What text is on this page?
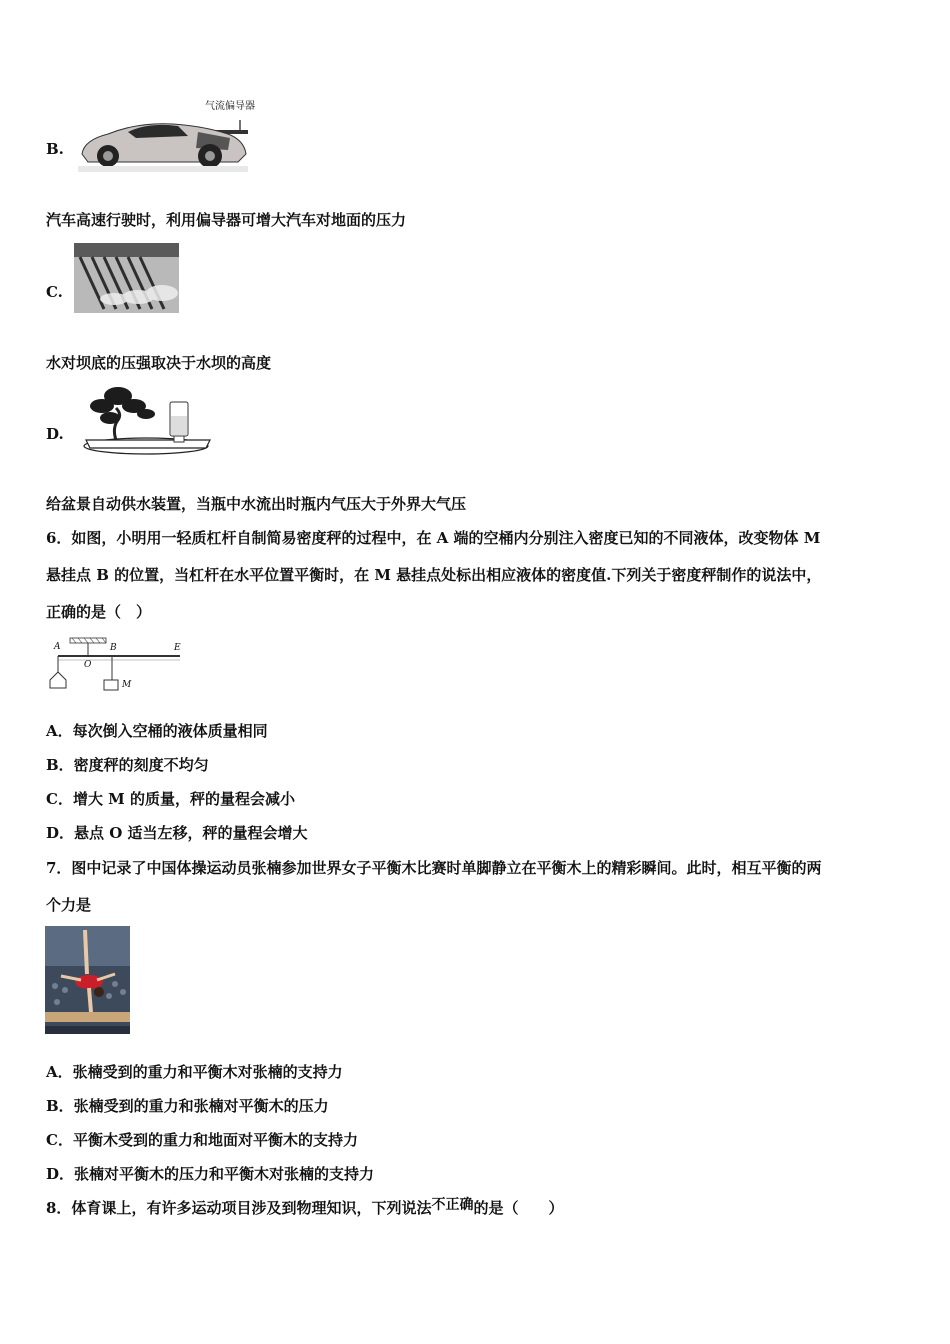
B.
气流偏导器
汽车高速行驶时，利用偏导器可增大汽车对地面的压力
C.
水对坝底的压强取决于水坝的高度
D.
给盆景自动供水装置，当瓶中水流出时瓶内气压大于外界大气压
6．如图，小明用一轻质杠杆自制简易密度秤的过程中，在 A 端的空桶内分别注入密度已知的不同液体，改变物体 M
悬挂点 B 的位置，当杠杆在水平位置平衡时，在 M 悬挂点处标出相应液体的密度值.下列关于密度秤制作的说法中，
正确的是（　）
A
O
B	E
M
A．每次倒入空桶的液体质量相同
B．密度秤的刻度不均匀
C．增大 M 的质量，秤的量程会减小
D．悬点 O 适当左移，秤的量程会增大
7．图中记录了中国体操运动员张楠参加世界女子平衡木比赛时单脚静立在平衡木上的精彩瞬间。此时，相互平衡的两
个力是
A．张楠受到的重力和平衡木对张楠的支持力
B．张楠受到的重力和张楠对平衡木的压力
C．平衡木受到的重力和地面对平衡木的支持力
D．张楠对平衡木的压力和平衡木对张楠的支持力
8．体育课上，有许多运动项目涉及到物理知识，下列说法不正确的是（　　）
